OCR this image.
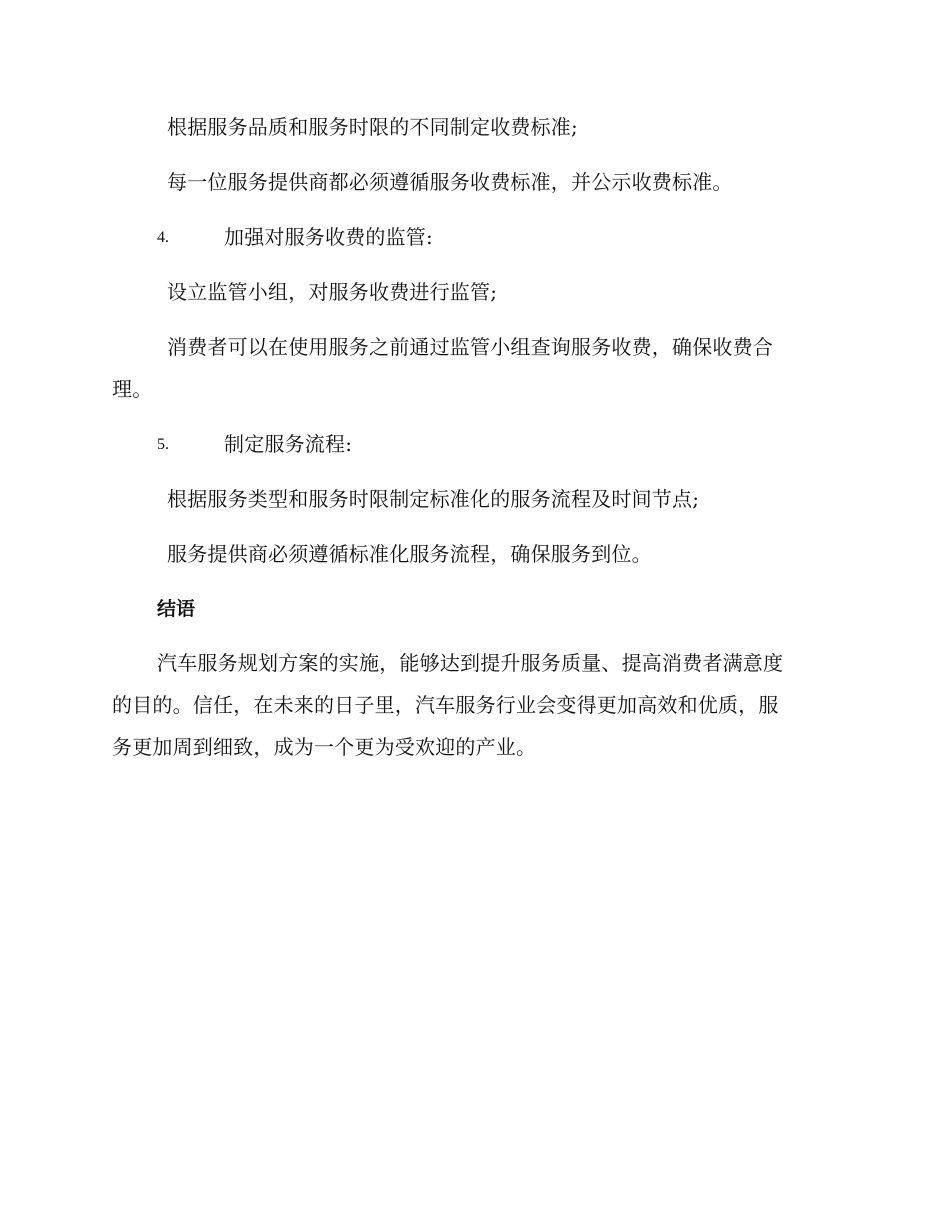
根据服务品质和服务时限的不同制定收费标准;
每一位服务提供商都必须遵循服务收费标准，并公示收费标准。
4.	加强对服务收费的监管:
设立监管小组，对服务收费进行监管;
消费者可以在使用服务之前通过监管小组查询服务收费，确保收费合
理。
5.	制定服务流程:
根据服务类型和服务时限制定标准化的服务流程及时间节点;
服务提供商必须遵循标准化服务流程，确保服务到位。
结语
汽车服务规划方案的实施，能够达到提升服务质量、提高消费者满意度
的目的。信任，在未来的日子里，汽车服务行业会变得更加高效和优质，服
务更加周到细致，成为一个更为受欢迎的产业。
